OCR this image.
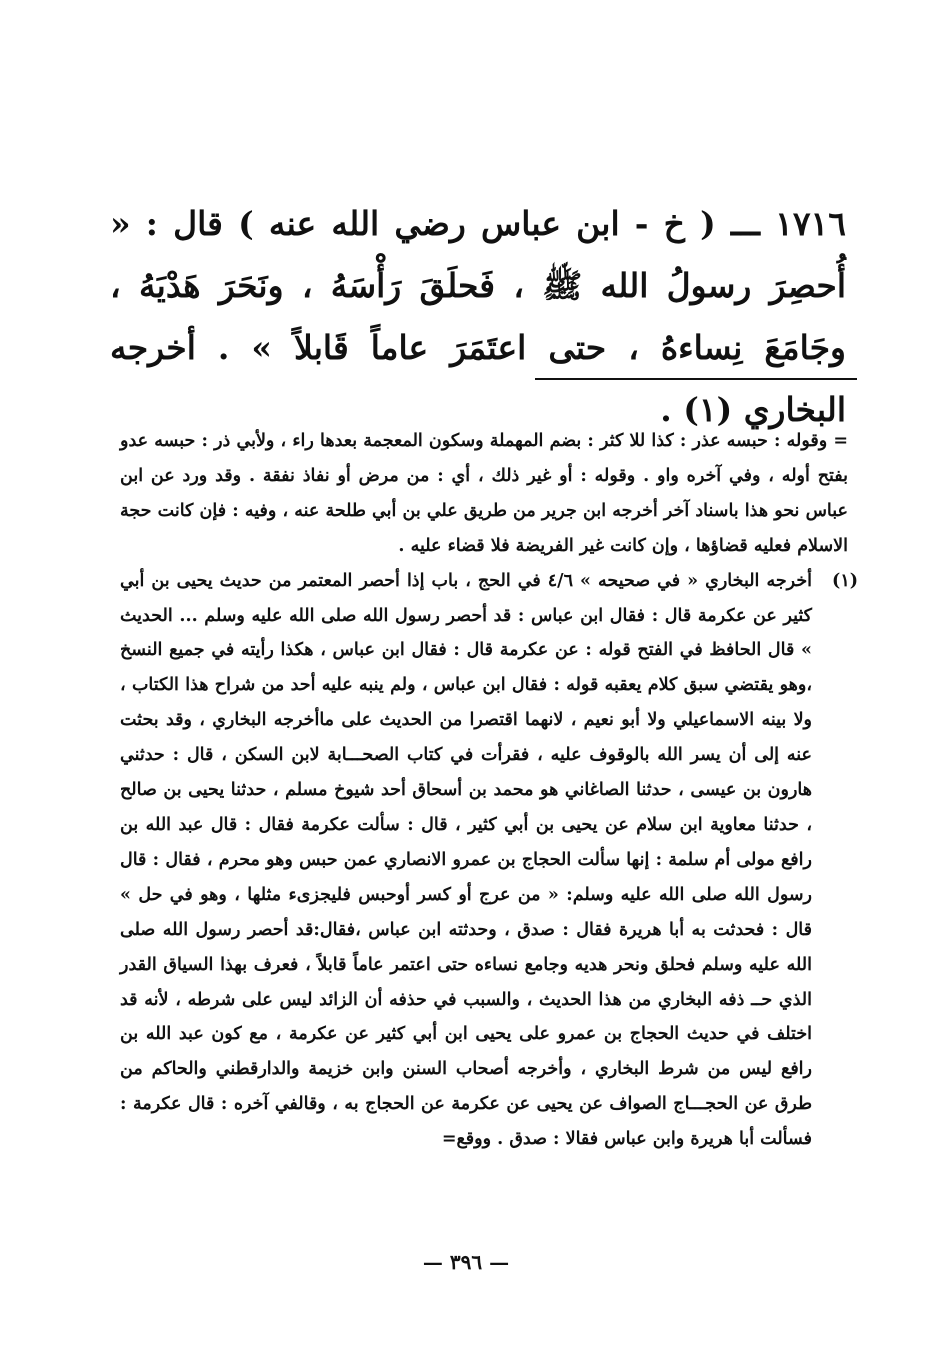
١٧١٦ ـــ ( خ - ابن عباس رضي الله عنه ) قال : « أُحصِرَ رسولُ الله ﷺ ، فَحلَقَ رَأْسَهُ ، ونَحَرَ هَدْيَهُ ، وجَامَعَ نِساءهُ ، حتى اعتَمَرَ عاماً قَابلاً » . أخرجه البخاري (١) .

= وقوله : حبسه عذر : كذا للا كثر : بضم المهملة وسكون المعجمة بعدها راء ، ولأبي ذر : حبسه عدو بفتح أوله ، وفي آخره واو . وقوله : أو غير ذلك ، أي : من مرض أو نفاذ نفقة . وقد ورد عن ابن عباس نحو هذا باسناد آخر أخرجه ابن جرير من طريق علي بن أبي طلحة عنه ، وفيه : فإن كانت حجة الاسلام فعليه قضاؤها ، وإن كانت غير الفريضة فلا قضاء عليه .
(١)
أخرجه البخاري « في صحيحه » ٤/٦ في الحج ، باب إذا أحصر المعتمر من حديث يحيى بن أبي كثير عن عكرمة قال : فقال ابن عباس : قد أحصر رسول الله صلى الله عليه وسلم ... الحديث » قال الحافظ في الفتح قوله : عن عكرمة قال : فقال ابن عباس ، هكذا رأيته في جميع النسخ ،وهو يقتضي سبق كلام يعقبه قوله : فقال ابن عباس ، ولم ينبه عليه أحد من شراح هذا الكتاب ، ولا بينه الاسماعيلي ولا أبو نعيم ، لانهما اقتصرا من الحديث على ماأخرجه البخاري ، وقد بحثت عنه إلى أن يسر الله بالوقوف عليه ، فقرأت في كتاب الصحـــابة لابن السكن ، قال : حدثني هارون بن عيسى ، حدثنا الصاغاني هو محمد بن أسحاق أحد شيوخ مسلم ، حدثنا يحيى بن صالح ، حدثنا معاوية ابن سلام عن يحيى بن أبي كثير ، قال : سألت عكرمة فقال : قال عبد الله بن رافع مولى أم سلمة : إنها سألت الحجاج بن عمرو الانصاري عمن حبس وهو محرم ، فقال : قال رسول الله صلى الله عليه وسلم: « من عرج أو كسر أوحبس فليجزىء مثلها ، وهو في حل » قال : فحدثت به أبا هريرة فقال : صدق ، وحدثته ابن عباس ،فقال:قد أحصر رسول الله صلى الله عليه وسلم فحلق ونحر هديه وجامع نساءه حتى اعتمر عاماً قابلاً ، فعرف بهذا السياق القدر الذي حــ ذفه البخاري من هذا الحديث ، والسبب في حذفه أن الزائد ليس على شرطه ، لأنه قد اختلف في حديث الحجاج بن عمرو على يحيى ابن أبي كثير عن عكرمة ، مع كون عبد الله بن رافع ليس من شرط البخاري ، وأخرجه أصحاب السنن وابن خزيمة والدارقطني والحاكم من طرق عن الحجـــاج الصواف عن يحيى عن عكرمة عن الحجاج به ، وقالفي آخره : قال عكرمة : فسألت أبا هريرة وابن عباس فقالا : صدق . ووقع=
— ٣٩٦ —
